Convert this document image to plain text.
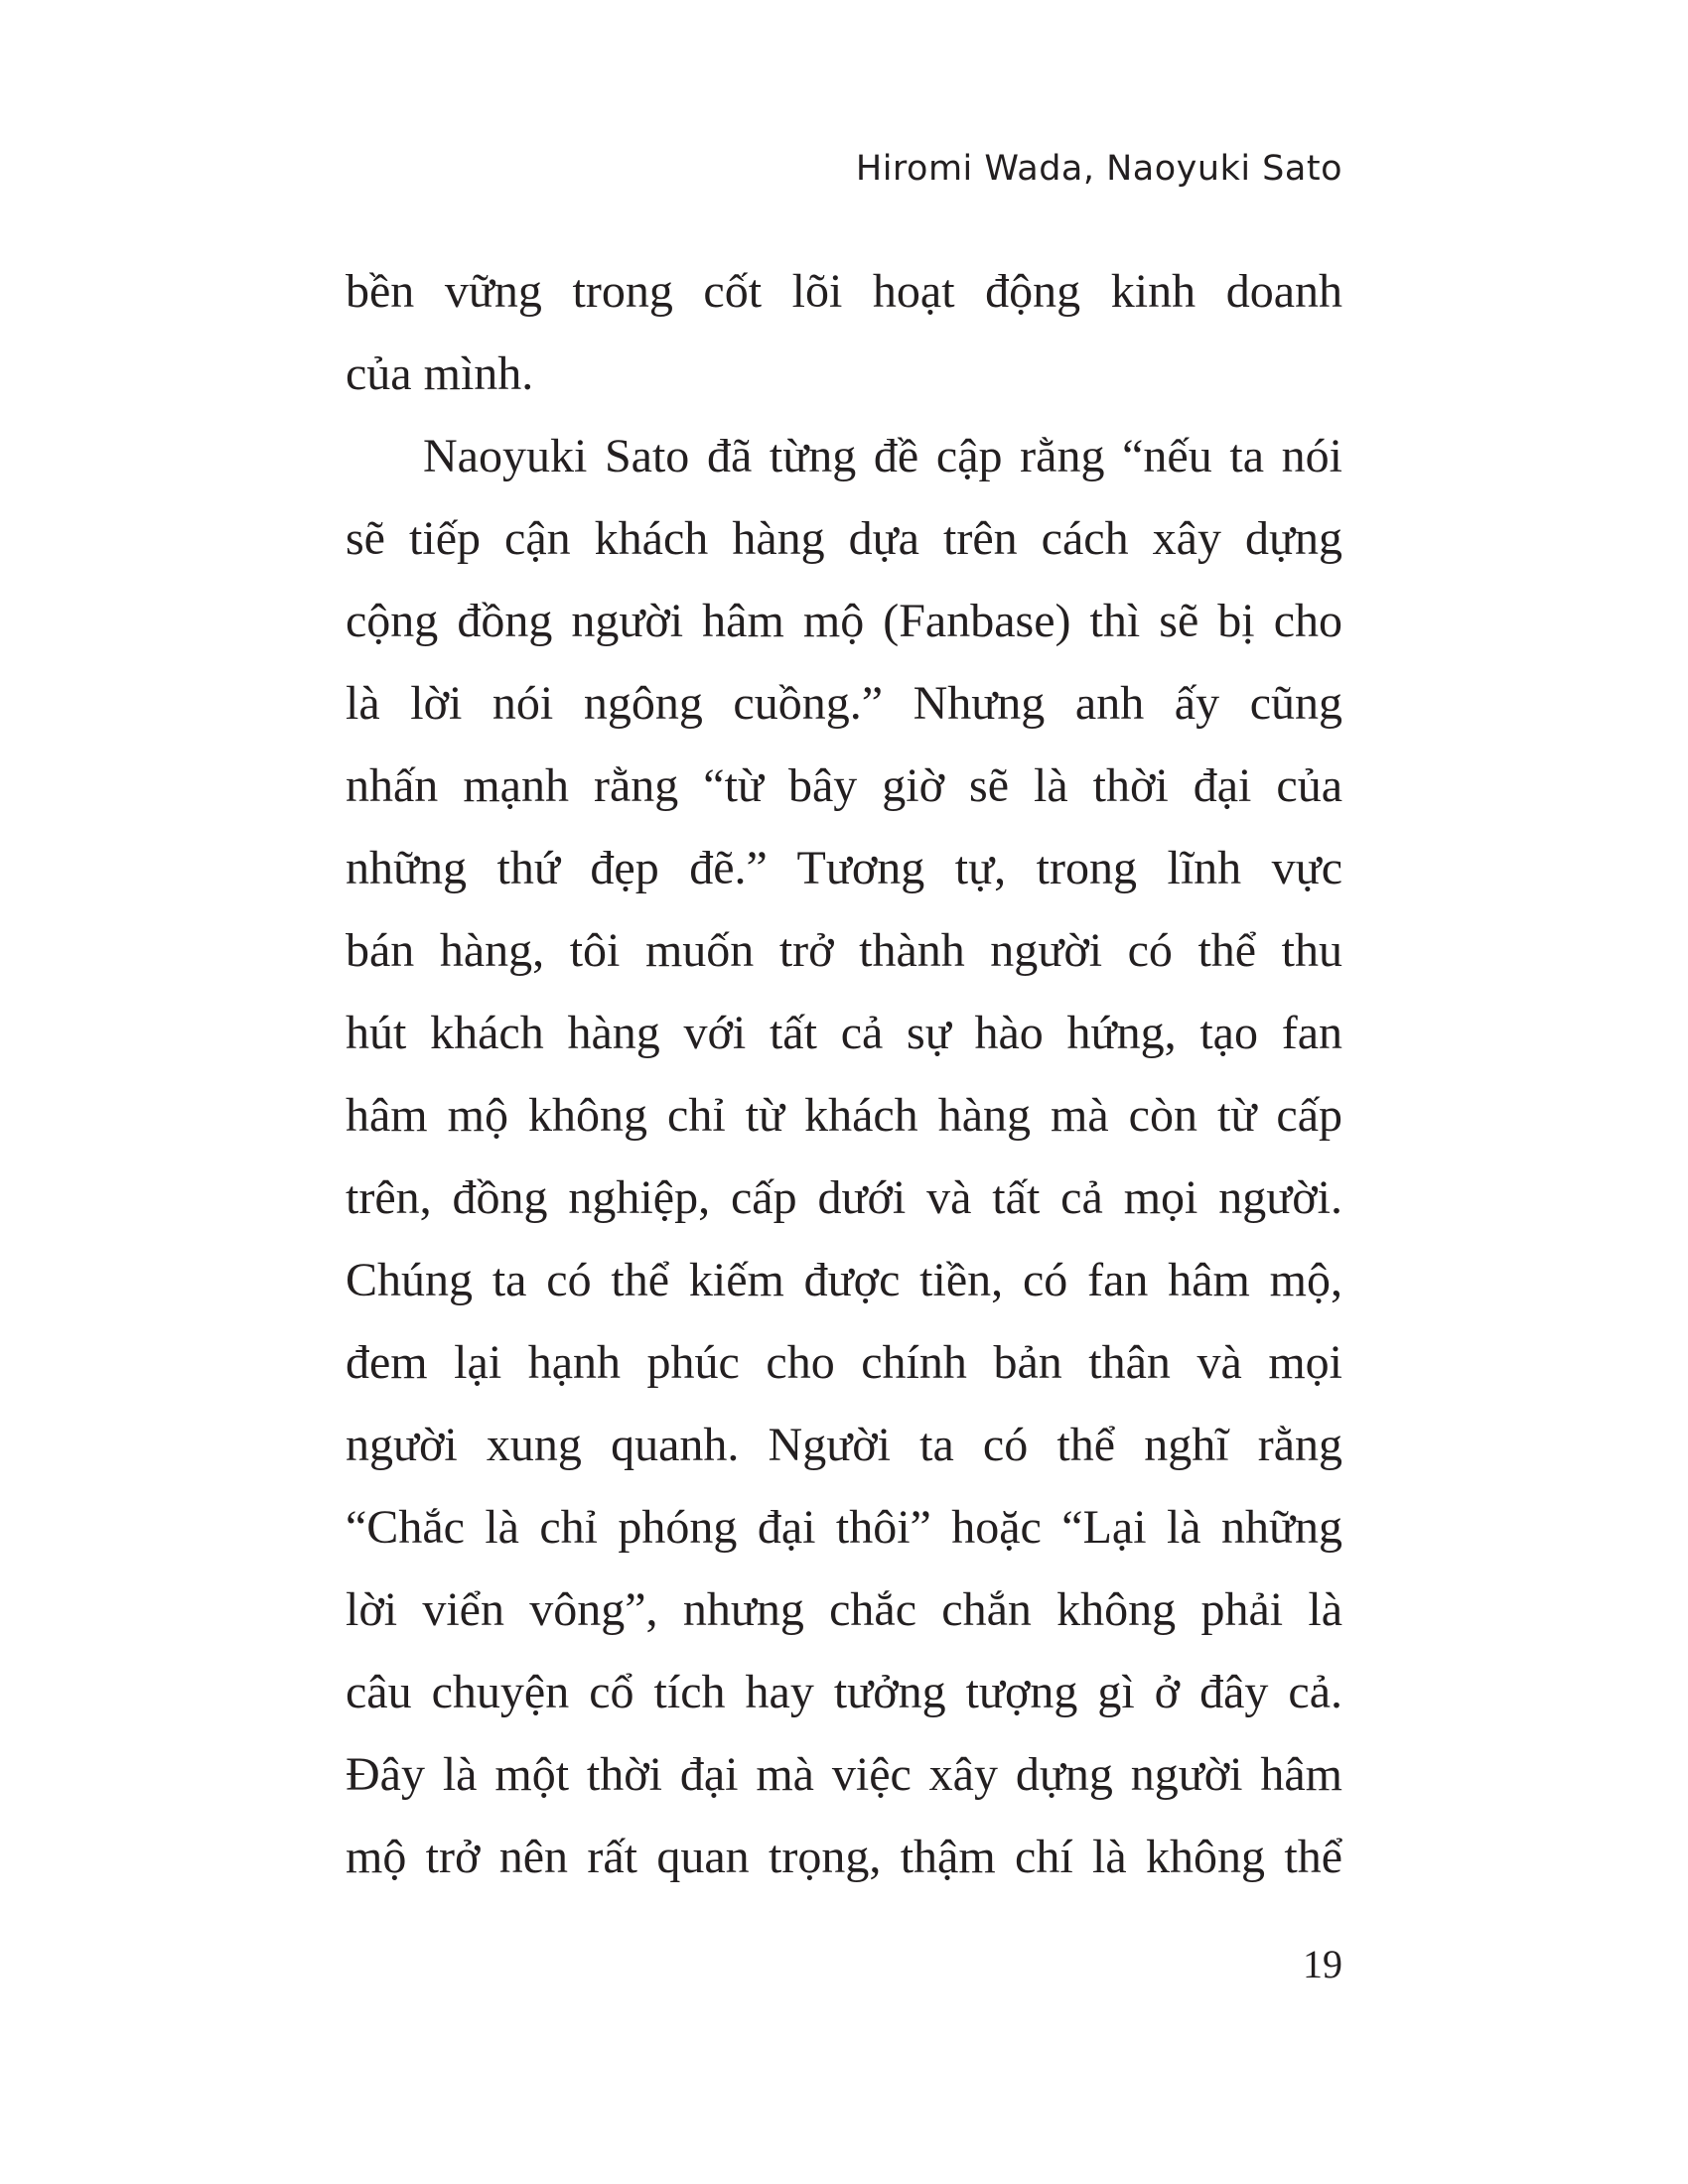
Hiromi Wada, Naoyuki Sato

bền vững trong cốt lõi hoạt động kinh doanh
của mình.
Naoyuki Sato đã từng đề cập rằng “nếu ta nói
sẽ tiếp cận khách hàng dựa trên cách xây dựng
cộng đồng người hâm mộ (Fanbase) thì sẽ bị cho
là lời nói ngông cuồng.” Nhưng anh ấy cũng
nhấn mạnh rằng “từ bây giờ sẽ là thời đại của
những thứ đẹp đẽ.” Tương tự, trong lĩnh vực
bán hàng, tôi muốn trở thành người có thể thu
hút khách hàng với tất cả sự hào hứng, tạo fan
hâm mộ không chỉ từ khách hàng mà còn từ cấp
trên, đồng nghiệp, cấp dưới và tất cả mọi người.
Chúng ta có thể kiếm được tiền, có fan hâm mộ,
đem lại hạnh phúc cho chính bản thân và mọi
người xung quanh. Người ta có thể nghĩ rằng
“Chắc là chỉ phóng đại thôi” hoặc “Lại là những
lời viển vông”, nhưng chắc chắn không phải là
câu chuyện cổ tích hay tưởng tượng gì ở đây cả.
Đây là một thời đại mà việc xây dựng người hâm
mộ trở nên rất quan trọng, thậm chí là không thể

19
